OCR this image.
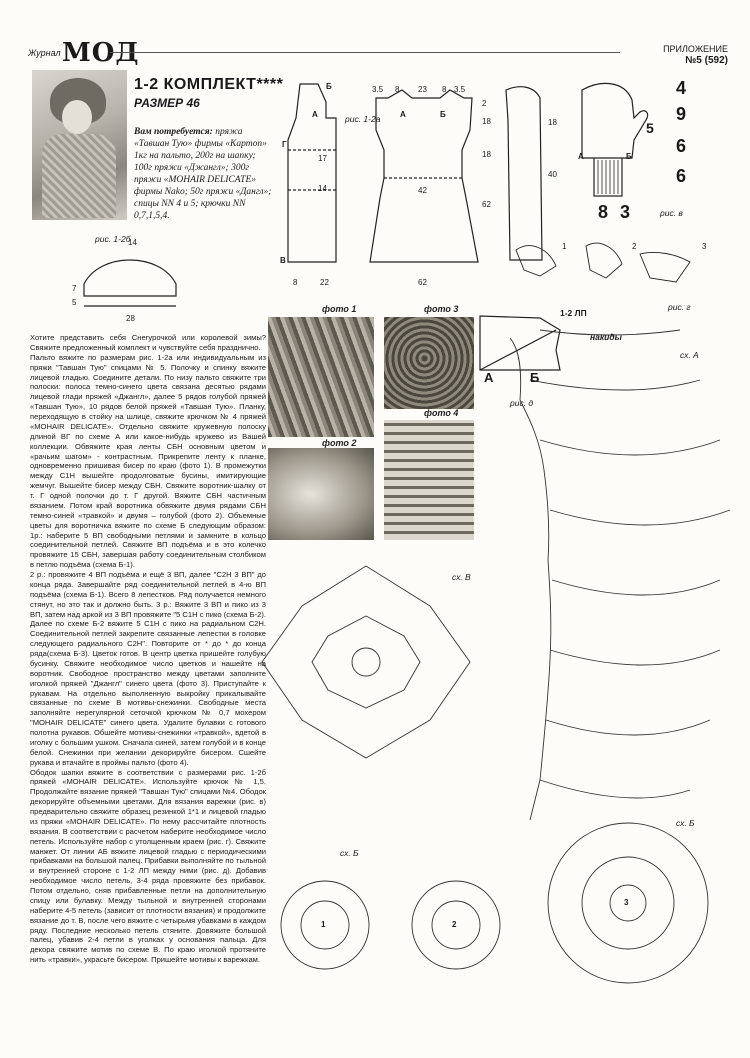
Журнал МОД	ПРИЛОЖЕНИЕ
№5 (592)
1-2 КОМПЛЕКТ****
РАЗМЕР 46
Вам потребуется: пряжа «Тавшан Тую» фирмы «Картоп» 1кг на пальто, 200г на шапку; 100г пряжи «Джангл»; 300г пряжи «MOHAIR DELICATE» фирмы Nako; 50г пряжи «Дангл»; спицы NN 4 и 5; крючки NN 0,7,1,5,4.
рис. 1-2а
рис. 1-2б
рис. в
рис. г
рис. д
1-2 ЛП
накиды
сх. А
сх. В
сх. Б
сх. Б
3.5 8 23 8 3.5
2
18
18
62
17
14	42
8	22	62
Б
А
Г
В
А	Б
18
40
4
9
6
6
5
8 3
А	Б
14
7
5
28
1	2	3
А	Б
1	2
3
фото 1
фото 2
фото 3
фото 4

Хотите представить себя Снегурочкой или королевой зимы? Свяжите предложенный комплект и чувствуйте себя празднично.

Пальто вяжите по размерам рис. 1-2а или индивидуальным из пряжи "Тавшан Тую" спицами № 5. Полочку и спинку вяжите лицевой гладью. Соедините детали. По низу пальто свяжите три полоски: полоса темно-синего цвета связана десятью рядами лицевой глади пряжей «Джангл», далее 5 рядов голубой пряжей «Тавшан Тую», 10 рядов белой пряжей «Тавшан Тую». Планку, переходящую в стойку на шлице, свяжите крючком № 4 пряжей «MOHAIR DELICATE». Отдельно свяжите кружевную полоску длиной ВГ по схеме А или какое-нибудь кружево из Вашей коллекции. Обвяжите края ленты СБН основным цветом и «рачьим шагом» - контрастным. Прикрепите ленту к планке, одновременно пришивая бисер по краю (фото 1). В промежутки между С1Н вышейте продолговатые бусины, имитирующие жемчуг. Вышейте бисер между СБН. Свяжите воротник-шалку от т. Г одной полочки до т. Г другой. Вяжите СБН частичным вязанием. Потом край воротника обвяжите двумя рядами СБН темно-синей «травкой» и двумя – голубой (фото 2). Объемные цветы для воротничка вяжите по схеме Б следующим образом: 1р.: наберите 5 ВП свободными петлями и замкните в кольцо соединительной петлей. Свяжите ВП подъёма и в это колечко провяжите 15 СБН, завершая работу соединительным столбиком в петлю подъёма (схема Б-1).

2 р.: провяжите 4 ВП подъёма и ещё 3 ВП, далее "С2Н 3 ВП" до конца ряда. Завершайте ряд соединительной петлей в 4-ю ВП подъёма (схема Б-1). Всего 8 лепестков. Ряд получается немного стянут, но это так и должно быть. 3 р.: Вяжите 3 ВП и пико из 3 ВП, затем над аркой из 3 ВП провяжите "5 С1Н с пико (схема Б-2). Далее по схеме Б-2 вяжите 5 С1Н с пико на радиальном С2Н. Соединительной петлей закрепите связанные лепестки в головке следующего радиального С2Н". Повторите от * до * до конца ряда(схема Б-3). Цветок готов. В центр цветка пришейте голубую бусинку. Свяжите необходимое число цветков и нашейте на воротник. Свободное пространство между цветами заполните иголкой пряжей "Джангл" синего цвета (фото 3). Приступайте к рукавам. На отдельно выполненную выкройку прикалывайте связанные по схеме В мотивы-снежинки. Свободные места заполняйте нерегулярной сеточкой крючком № 0,7 мохером "MOHAIR DELICATE" синего цвета. Удалите булавки с готового полотна рукавов. Обшейте мотивы-снежинки «травкой», вдетой в иголку с большим ушком. Сначала синей, затем голубой и в конце белой. Снежинки при желании декорируйте бисером. Сшейте рукава и втачайте в проймы пальто (фото 4).

Ободок шапки вяжите в соответствии с размерами рис. 1-2б пряжей «MOHAIR DELICATE». Используйте крючок № 1,5. Продолжайте вязание пряжей "Тавшан Тую" спицами №4. Ободок декорируйте объемными цветами. Для вязания варежки (рис. в) предварительно свяжите образец резинкой 1*1 и лицевой гладью из пряжи «MOHAIR DELICATE». По нему рассчитайте плотность вязания. В соответствии с расчетом наберите необходимое число петель. Используйте набор с утолщенным краем (рис. г). Свяжите манжет. От линии АБ вяжите лицевой гладью с периодическими прибавками на большой палец. Прибавки выполняйте по тыльной и внутренней стороне с 1-2 ЛП между ними (рис. д). Добавив необходимое число петель, 3-4 ряда провяжите без прибавок. Потом отдельно, сняв прибавленные петли на дополнительную спицу или булавку. Между тыльной и внутренней сторонами наберите 4-5 петель (зависит от плотности вязания) и продолжите вязание до т. В, после чего вяжите с четырьмя убавками в каждом ряду. Последние несколько петель стяните. Довяжите большой палец, убавив 2-4 петли в уголках у основания пальца. Для декора свяжите мотив по схеме В. По краю иголкой протяните нить «травки», украсьте бисером. Пришейте мотивы к варежкам.
